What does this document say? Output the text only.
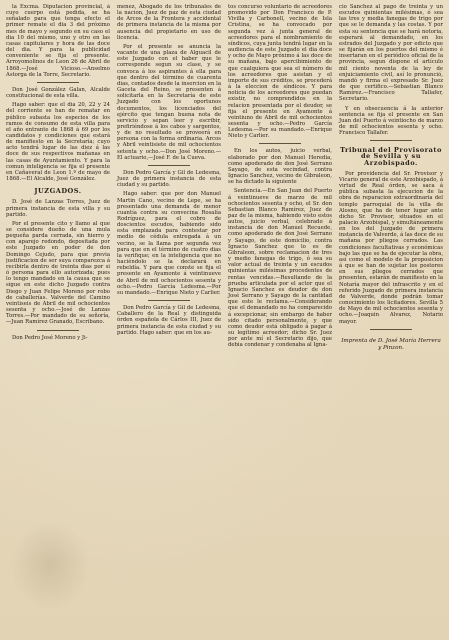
la Excma. Diputacion provincial, á cuyo cuerpo está pedida, se ha señalado para que tenga efecto el primer remate el dia 3 del próximo mes de mayo y segundo en su caso el dia 10 del mismo, uno y otro en las casas capitulares y hora de las doce del dia. Y para la publicidad conveniente se fija el presente. Arroyomolinos de Leon 26 de Abril de 1868.—José Vicioso.—Anselmo Astorga de la Torre, Secretario.

Don José González Galan, Alcalde constitucional de esta villa.

Hago saber: que el dia 20, 22 y 24 del corriente se han de rematar en público subasta los especies de los ramos de consumo de esta villa para el año entrante de 1868 á 69 por los candidatos y condiciones que estará de manifiesto en la Secretaría; cuyo acto tendrá lugar de las diez á las doce de sus respectivos mañanas en las casas de Ayuntamiento. Y para la comun inteligencia se fija el presente en Cañaveral de Leon 1.º de mayo de 1868.—El Alcalde, José González.

JUZGADOS.

D. José de Lanzas Torres, Juez de primera instancia de esta villa y su partido.

Por el presente cito y llamo al que se considere dueño de una mula pequeña parda cerrada, sin hierro y con aparejo redondo, depositada por este Juzgado en poder de don Domingo Cejudo, para que previa justificacion de ser suya comparezca á recibirla dentro de treinta dias por si ó persona para ello autorizada; pues lo tengo mandado en la causa que se sigue en este dicho Juzgado contra Diego y Juan Felipe Moreno por robo de caballerías. Valverde del Camino veintiseis de Abril de mil ochocientos sesenta y ocho.—José de Lanzas Torres.—Por mandado de su señoría, —Juan Ramírez Granado, Escribano.

Don Pedro José Moreno y Ji-

menez, Abogado de los tribunales de la nacion, Juez de paz de esta ciudad de Arcos de la Frontera y accidental de primera instancia de la misma por ausencia del propietario en uso de licencia.

Por el presente se anuncia la vacante de una plaza de Alguacil de este Juzgado con el haber que le corresponde segun su clase, y se convoca á los aspirantes á ella para que dentro del término de cuarenta dias, contados desde la insercion en la Gaceta del Reino, se presenten á solicitarla en la Secretaría de este Juzgado con los oportunos documentos, los licenciados del ejército que tengan buena nota de servicio y sepan leer y escribir, prefiriéndose á los cabos y sargentos, y de no resultado se proveerá en persona con la forma ordinaria. Arcos y Abril veintisiete de mil ochocientos setenta y ocho.—Don José Moreno.—El actuario,—José F. de la Cueva.

Don Pedro García y Gil de Ledesma, Juez de primera instancia de esta ciudad y su partido.

Hago saber: que por don Manuel Martin Cano, vecino de Lepe, se ha presentado una demanda de menor cuantía contra su convecina Rosalía Rodríguez, para el cobro de doscientos escudos, habiendo sido esta emplazada para contestar por medio de cédula entregada á un vecino, se la llama por segunda vez para que en el término de cuatro dias la verifique; en la inteligencia que no haciéndolo se la declarará en rebeldía. Y para que conste se fija el presente en Ayamonte á veintinueve de Abril de mil ochocientos sesenta y ocho.—Pedro García Ledesma.—Por su mandado.—Enrique Nieto y Carlier.

Don Pedro García y Gil de Ledesma, Caballero de la Real y distinguida órden española de Cárlos III, Juez de primera instancia de esta ciudad y su partido. Hago saber: que en los au-

tos concurso voluntario de acreedores promovido por Don Francisco de P. Vivilla y Carbonell, vecino de Isla Cristina, se ha convocado por segunda vez á junta general de acreedores para el nombramiento de síndicos, cuya junta tendrá lugar en la audiencia de este Juzgado el dia doce y ocho de Mayo próximo á las doce de su mañana, bajo apercibimiento de que cualquiera que sea el número de los acreedores que asistan y el importe de sus créditos, se procederá á la eleccion de síndicos. Y para noticia de los acreedores que puedan existir, no comprendidos en la relacion presentada por el deudor, se fija el presente en Ayamonte á veintiuno de Abril de mil ochocientos sesenta y ocho.—Pedro García Ledesma.—Por su mandado.—Enrique Nieto y Carlier.

En los autos, juicio verbal, elaborado por don Manuel Heredia, como apoderado de don José Serrano Sayago, de esta vecindad, contra Ignacio Sanchez, vecino de Gibraleon, se ha dictado la siguiente

Sentencia.—En San Juan del Puerto á veintinueve de marzo de mil ochocientos sesenta y ocho, el Sr. don Sebastian Blanco Ramírez, Juez de paz de la misma, habiendo visto estos autos, juicio verbal, celebrado á instancia de don Manuel Recuede, como apoderado de don José Serrano y Sayago, de este domicilio, contra Ignacio Sanchez que lo es de Gibraleon, sobre reclamacion de tres y medio fanegas de trigo, ó sea su valor actual de treinta y un escudos quinientas milésimas procedentes de rentas vencidas.—Resultando de la prueba articulada por el actor que el Ignacio Sanchez es deudor de don José Serrano y Sayago de la cantidad que este le reclama.—Considerando que el demandado no ha comparecido á excepcionar, sin embargo de haber sido citado personalmente, y que como deudor está obligado á pagar á su legítimo acreedor; dicho Sr. Juez por ante mí el Secretario dijo, que debia condenar y condenaba al Igna-

cio Sanchez al pago de treinta y un escudos quinientas milésimas, ó sea las tres y media fanegas de trigo por que se le demanda y las costas. Y por esta su sentencia que se hará notoria, esperará al demandado, en los estrados del Juzgado y por edicto que se fijarán en los puertos del mismo é insertaran en el periódico oficial de la provincia, segun dispone el artículo mil ciento noventa de la ley de enjuiciamiento civil, así lo pronunció, mandó y firma el expresado Sr. Juez de que certifico.—Sebastian Blanco Ramírez.—Francisco Tallafer, Secretario.

Y en obsecuencia á la anterior sentencia se fija el presente en San Juan del Puerto á veintiocho de marzo de mil ochocientos sesenta y ocho. Francisco Tallafer.

Tribunal del Provisorato de Sevilla y su Arzobispado.

Por providencia del Sr. Provisor y Vicario general de este Arzobispado, á virtud de Real órden, se saca á pública subasta la ejecucion de la obra de reparacion extraordinaria del templo parroquial de la villa de Alosno, que ha de tener lugar ante dicho Sr. Provisor, situados en el palacio Arzobispal, y simultáneamente en los del Juzgado de primera instancia de Valverde, á las doce de su mañana por pliegos cerrados. Las condiciones facultativas y económicas bajo las que se ha de ejecutar la obra, así como el modelo de la proposicion á que se han de sujetar los postores en sus pliegos cerrados que presenten, estarán de manifiesto en la Notaría mayor del infrascrito y en el referido Juzgado de primera instancia de Valverde, donde podrán tomar conocimiento los licitadores. Sevilla 5 de Mayo de mil ochocientos sesenta y ocho.—Joaquin Alvarez, Notario mayor.

Imprenta de D. José María Herrera y Pinzon.
